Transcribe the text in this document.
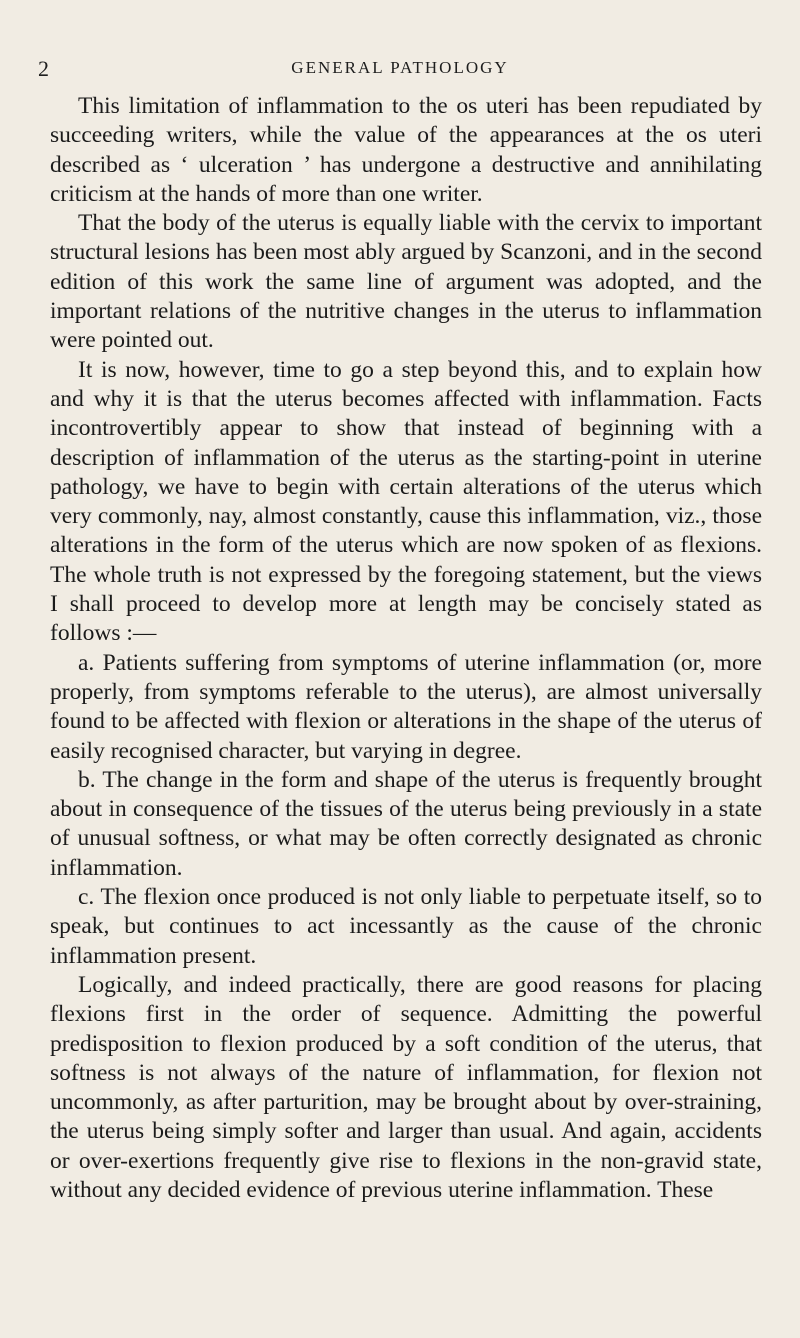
2	GENERAL PATHOLOGY

This limitation of inflammation to the os uteri has been repudiated by succeeding writers, while the value of the appearances at the os uteri described as ‘ ulceration ’ has undergone a destructive and annihilating criticism at the hands of more than one writer.

That the body of the uterus is equally liable with the cervix to important structural lesions has been most ably argued by Scanzoni, and in the second edition of this work the same line of argument was adopted, and the important relations of the nutritive changes in the uterus to inflammation were pointed out.

It is now, however, time to go a step beyond this, and to explain how and why it is that the uterus becomes affected with inflammation. Facts incontrovertibly appear to show that instead of beginning with a description of inflammation of the uterus as the starting-point in uterine pathology, we have to begin with certain alterations of the uterus which very commonly, nay, almost constantly, cause this inflammation, viz., those alterations in the form of the uterus which are now spoken of as flexions. The whole truth is not expressed by the foregoing statement, but the views I shall proceed to develop more at length may be concisely stated as follows :—

a. Patients suffering from symptoms of uterine inflammation (or, more properly, from symptoms referable to the uterus), are almost universally found to be affected with flexion or alterations in the shape of the uterus of easily recognised character, but varying in degree.

b. The change in the form and shape of the uterus is frequently brought about in consequence of the tissues of the uterus being previously in a state of unusual softness, or what may be often correctly designated as chronic inflammation.

c. The flexion once produced is not only liable to perpetuate itself, so to speak, but continues to act incessantly as the cause of the chronic inflammation present.

Logically, and indeed practically, there are good reasons for placing flexions first in the order of sequence. Admitting the powerful predisposition to flexion produced by a soft condition of the uterus, that softness is not always of the nature of inflammation, for flexion not uncommonly, as after parturition, may be brought about by over-straining, the uterus being simply softer and larger than usual. And again, accidents or over-exertions frequently give rise to flexions in the non-gravid state, without any decided evidence of previous uterine inflammation. These
